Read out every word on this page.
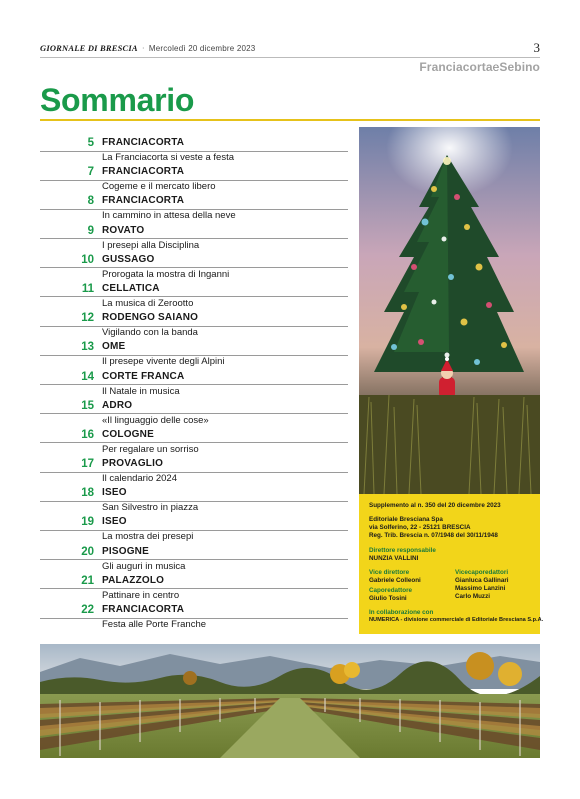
GIORNALE DI BRESCIA · Mercoledì 20 dicembre 2023	3
FranciacortaeSebino
Sommario
5 FRANCIACORTA
La Franciacorta si veste a festa
7 FRANCIACORTA
Cogeme e il mercato libero
8 FRANCIACORTA
In cammino in attesa della neve
9 ROVATO
I presepi alla Disciplina
10 GUSSAGO
Prorogata la mostra di Inganni
11 CELLATICA
La musica di Zerootto
12 RODENGO SAIANO
Vigilando con la banda
13 OME
Il presepe vivente degli Alpini
14 CORTE FRANCA
Il Natale in musica
15 ADRO
«Il linguaggio delle cose»
16 COLOGNE
Per regalare un sorriso
17 PROVAGLIO
Il calendario 2024
18 ISEO
San Silvestro in piazza
19 ISEO
La mostra dei presepi
20 PISOGNE
Gli auguri in musica
21 PALAZZOLO
Pattinare in centro
22 FRANCIACORTA
Festa alle Porte Franche
Supplemento al n. 350 del 20 dicembre 2023
Editoriale Bresciana Spa
via Solferino, 22 - 25121 BRESCIA
Reg. Trib. Brescia n. 07/1948 del 30/11/1948
Direttore responsabile
NUNZIA VALLINI
Vice direttore
Gabriele Colleoni
Caporedattore
Giulio Tosini
Vicecaporedattori
Gianluca Gallinari
Massimo Lanzini
Carlo Muzzi
In collaborazione con
NUMERICA - divisione commerciale di Editoriale Bresciana S.p.A.
